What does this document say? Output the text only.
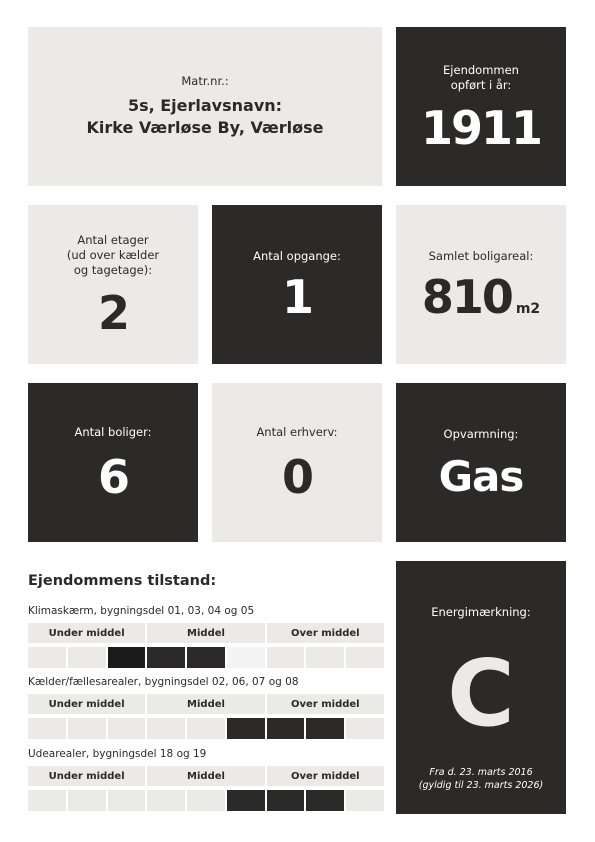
Matr.nr.:
5s, Ejerlavsnavn:
Kirke Værløse By, Værløse
Ejendommen
opført i år:
1911
Antal etager
(ud over kælder
og tagetage):
2
Antal opgange:
1
Samlet boligareal:
810 m2
Antal boliger:
6
Antal erhverv:
0
Opvarmning:
Gas
Ejendommens tilstand:
Klimaskærm, bygningsdel 01, 03, 04 og 05
Under middel	Middel	Over middel
Kælder/fællesarealer, bygningsdel 02, 06, 07 og 08
Under middel	Middel	Over middel
Udearealer, bygningsdel 18 og 19
Under middel	Middel	Over middel
Energimærkning:
C
Fra d. 23. marts 2016
(gyldig til 23. marts 2026)
